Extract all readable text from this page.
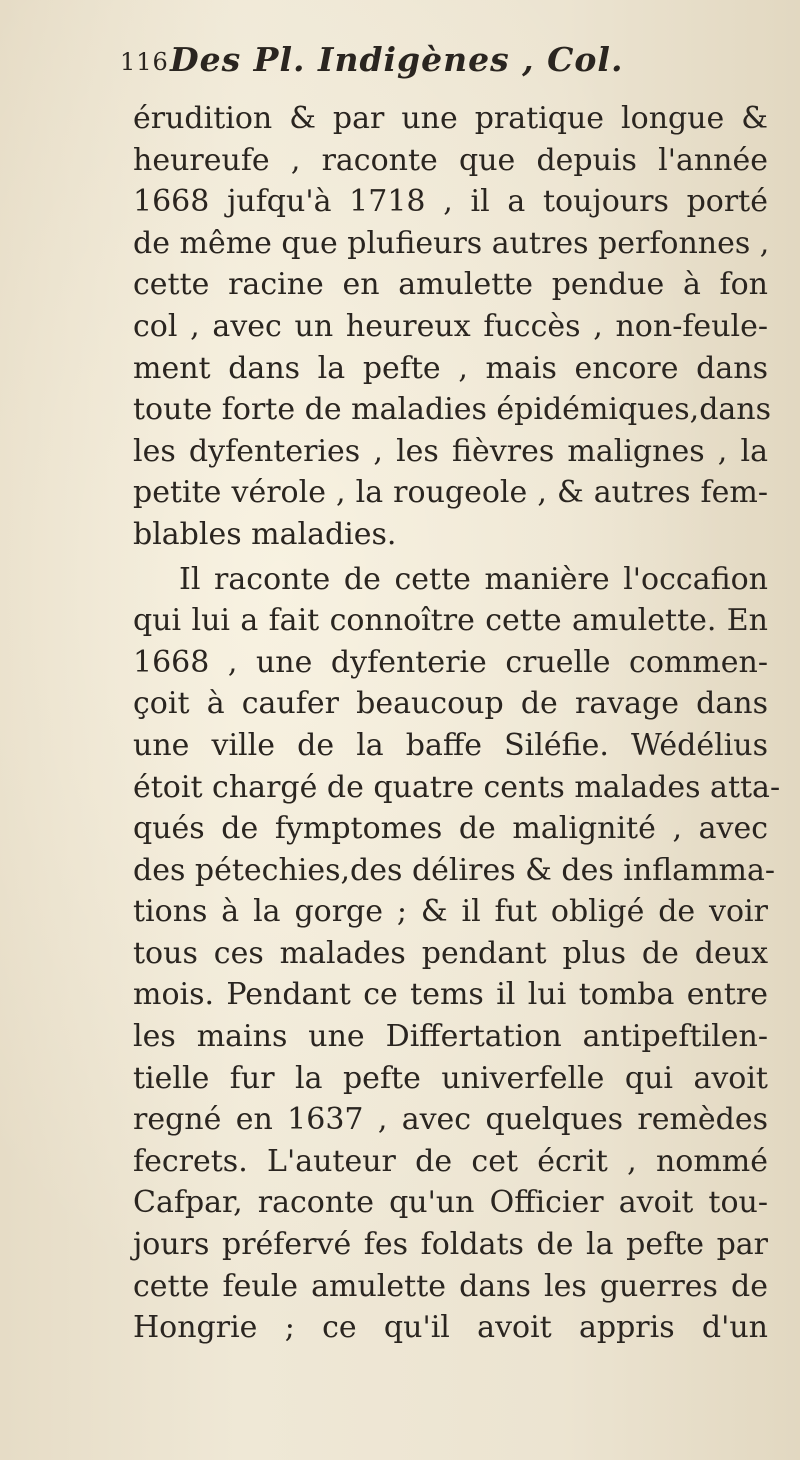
116 Des Pl. Indigènes , Col.
érudition & par une pratique longue &
heureufe , raconte que depuis l'année
1668 jufqu'à 1718 , il a toujours porté
de même que plufieurs autres perfonnes ,
cette racine en amulette pendue à fon
col , avec un heureux fuccès , non-feule-
ment dans la pefte , mais encore dans
toute forte de maladies épidémiques,dans
les dyfenteries , les fièvres malignes , la
petite vérole , la rougeole , & autres fem-
blables maladies.
Il raconte de cette manière l'occafion
qui lui a fait connoître cette amulette. En
1668 , une dyfenterie cruelle commen-
çoit à caufer beaucoup de ravage dans
une ville de la baffe Siléfie. Wédélius
étoit chargé de quatre cents malades atta-
qués de fymptomes de malignité , avec
des pétechies,des délires & des inflamma-
tions à la gorge ; & il fut obligé de voir
tous ces malades pendant plus de deux
mois. Pendant ce tems il lui tomba entre
les mains une Differtation antipeftilen-
tielle fur la pefte univerfelle qui avoit
regné en 1637 , avec quelques remèdes
fecrets. L'auteur de cet écrit , nommé
Cafpar, raconte qu'un Officier avoit tou-
jours préfervé fes foldats de la pefte par
cette feule amulette dans les guerres de
Hongrie ; ce qu'il avoit appris d'un
